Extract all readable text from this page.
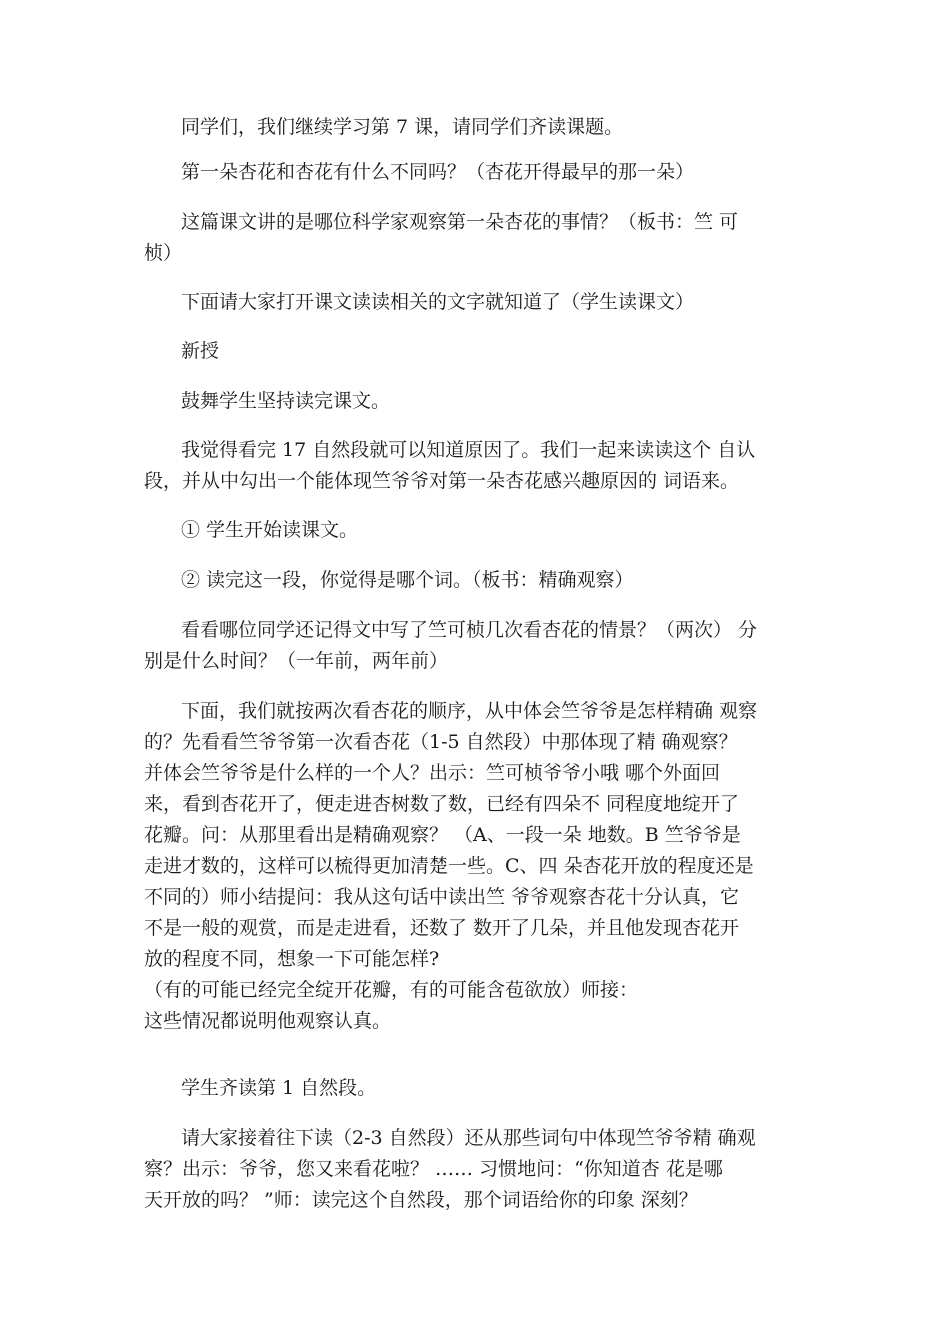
同学们，我们继续学习第 7 课，请同学们齐读课题。

第一朵杏花和杏花有什么不同吗？（杏花开得最早的那一朵）

这篇课文讲的是哪位科学家观察第一朵杏花的事情？（板书：竺 可
桢）

下面请大家打开课文读读相关的文字就知道了（学生读课文）

新授

鼓舞学生坚持读完课文。

我觉得看完 17 自然段就可以知道原因了。我们一起来读读这个 自认
段，并从中勾出一个能体现竺爷爷对第一朵杏花感兴趣原因的 词语来。

① 学生开始读课文。

② 读完这一段，你觉得是哪个词。（板书：精确观察）

看看哪位同学还记得文中写了竺可桢几次看杏花的情景？（两次） 分
别是什么时间？（一年前，两年前）

下面，我们就按两次看杏花的顺序，从中体会竺爷爷是怎样精确 观察
的？先看看竺爷爷第一次看杏花（1-5 自然段）中那体现了精 确观察？
并体会竺爷爷是什么样的一个人？出示：竺可桢爷爷小哦 哪个外面回
来，看到杏花开了，便走进杏树数了数，已经有四朵不 同程度地绽开了
花瓣。问：从那里看出是精确观察？ （A、一段一朵 地数。B 竺爷爷是
走进才数的，这样可以梳得更加清楚一些。C、四 朵杏花开放的程度还是
不同的）师小结提问：我从这句话中读出竺 爷爷观察杏花十分认真，它
不是一般的观赏，而是走进看，还数了 数开了几朵，并且他发现杏花开
放的程度不同，想象一下可能怎样?
（有的可能已经完全绽开花瓣，有的可能含苞欲放）师接：
这些情况都说明他观察认真。

学生齐读第 1 自然段。

请大家接着往下读（2-3 自然段）还从那些词句中体现竺爷爷精 确观
察？出示：爷爷，您又来看花啦？ …… 习惯地问：“你知道杏 花是哪
天开放的吗？ ”师：读完这个自然段，那个词语给你的印象 深刻？
